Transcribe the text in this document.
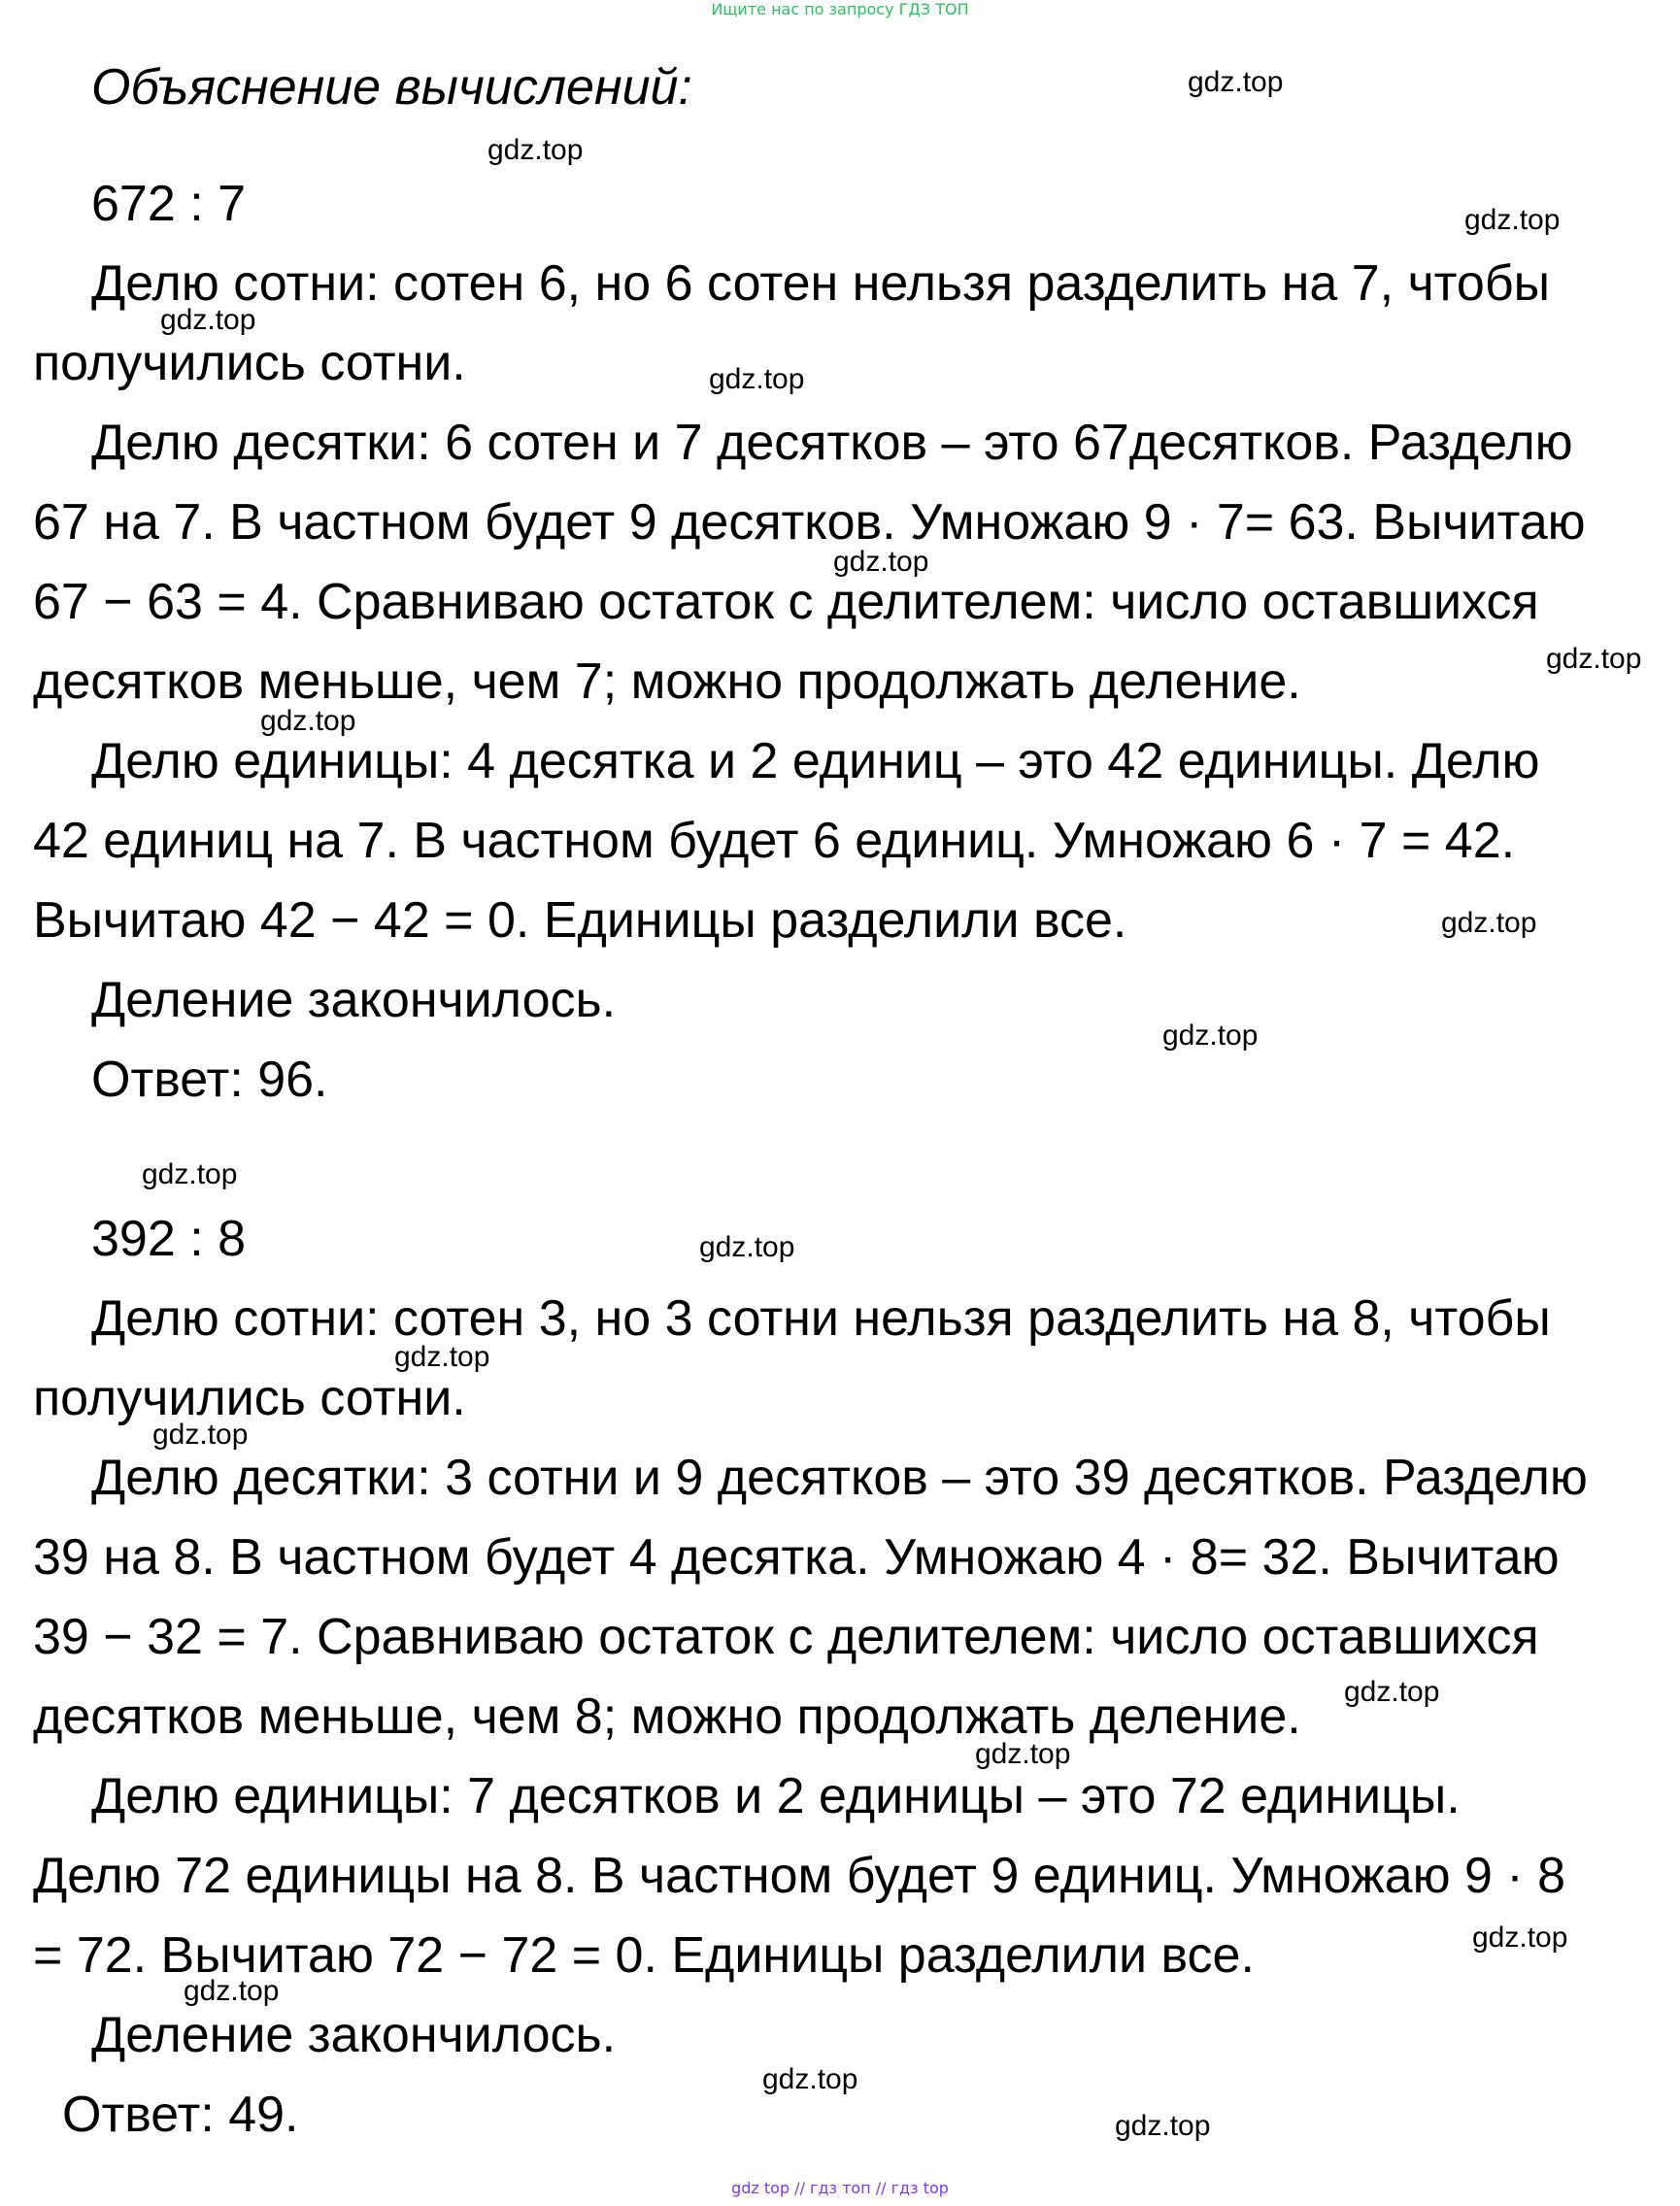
Ищите нас по запросу ГДЗ ТОП
Объяснение вычислений:
672 : 7
Делю сотни: сотен 6, но 6 сотен нельзя разделить на 7, чтобы
получились сотни.
Делю десятки: 6 сотен и 7 десятков – это 67десятков. Разделю
67 на 7. В частном будет 9 десятков. Умножаю 9 · 7= 63. Вычитаю
67 − 63 = 4. Сравниваю остаток с делителем: число оставшихся
десятков меньше, чем 7; можно продолжать деление.
Делю единицы: 4 десятка и 2 единиц – это 42 единицы. Делю
42 единиц на 7. В частном будет 6 единиц. Умножаю 6 · 7 = 42.
Вычитаю 42 − 42 = 0. Единицы разделили все.
Деление закончилось.
Ответ: 96.
392 : 8
Делю сотни: сотен 3, но 3 сотни нельзя разделить на 8, чтобы
получились сотни.
Делю десятки: 3 сотни и 9 десятков – это 39 десятков. Разделю
39 на 8. В частном будет 4 десятка. Умножаю 4 · 8= 32. Вычитаю
39 − 32 = 7. Сравниваю остаток с делителем: число оставшихся
десятков меньше, чем 8; можно продолжать деление.
Делю единицы: 7 десятков и 2 единицы – это 72 единицы.
Делю 72 единицы на 8. В частном будет 9 единиц. Умножаю 9 · 8
= 72. Вычитаю 72 − 72 = 0. Единицы разделили все.
Деление закончилось.
Ответ: 49.
gdz.top
gdz.top
gdz.top
gdz.top
gdz.top
gdz.top
gdz.top
gdz.top
gdz.top
gdz.top
gdz.top
gdz.top
gdz.top
gdz.top
gdz.top
gdz.top
gdz.top
gdz.top
gdz.top
gdz.top
gdz top // гдз топ // гдз top
